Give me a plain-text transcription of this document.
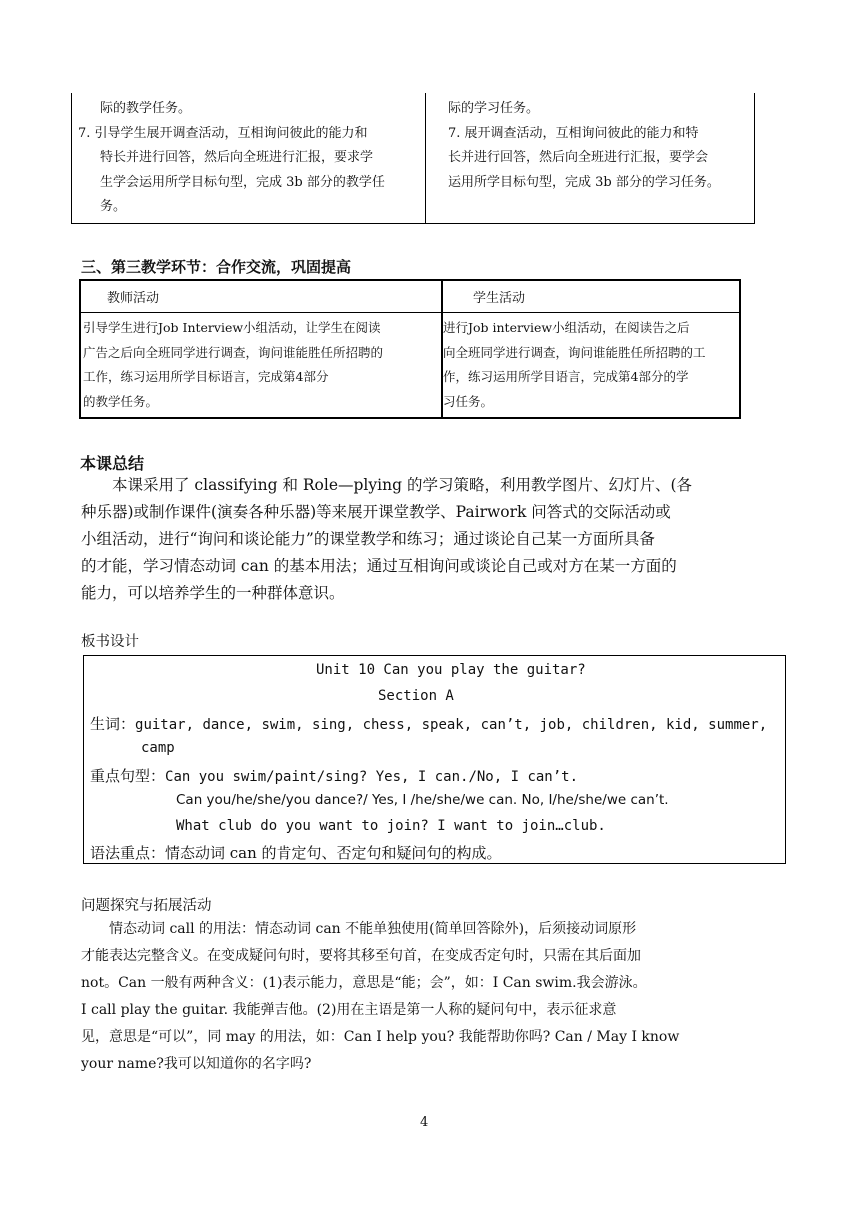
际的教学任务。
7. 引导学生展开调查活动，互相询问彼此的能力和
特长并进行回答，然后向全班进行汇报，要求学
生学会运用所学目标句型，完成 3b 部分的教学任
务。
际的学习任务。
7. 展开调查活动，互相询问彼此的能力和特
长并进行回答，然后向全班进行汇报，要学会
运用所学目标句型，完成 3b 部分的学习任务。
三、第三教学环节：合作交流，巩固提高
教师活动	学生活动
引导学生进行Job Interview小组活动，让学生在阅读
广告之后向全班同学进行调查，询问谁能胜任所招聘的
工作，练习运用所学目标语言，完成第4部分
的教学任务。
进行Job interview小组活动，在阅读告之后
向全班同学进行调查，询问谁能胜任所招聘的工
作，练习运用所学目语言，完成第4部分的学
习任务。
本课总结
　　本课采用了 classifying 和 Role—plying 的学习策略，利用教学图片、幻灯片、(各
种乐器)或制作课件(演奏各种乐器)等来展开课堂教学、Pairwork 问答式的交际活动或
小组活动，进行“询问和谈论能力”的课堂教学和练习；通过谈论自己某一方面所具备
的才能，学习情态动词 can 的基本用法；通过互相询问或谈论自己或对方在某一方面的
能力，可以培养学生的一种群体意识。
板书设计
Unit 10 Can you play the guitar?
Section A
生词：guitar, dance, swim, sing, chess, speak, can’t, job, children, kid, summer,
camp
重点句型：Can you swim/paint/sing? Yes, I can./No, I can’t.
Can you/he/she/you dance?/ Yes, I /he/she/we can. No, I/he/she/we can’t.
What club do you want to join? I want to join…club.
语法重点：情态动词 can 的肯定句、否定句和疑问句的构成。
问题探究与拓展活动
　　情态动词 call 的用法：情态动词 can 不能单独使用(简单回答除外)，后须接动词原形
才能表达完整含义。在变成疑问句时，要将其移至句首，在变成否定句时，只需在其后面加
not。Can 一般有两种含义：(1)表示能力，意思是“能；会”，如：I Can swim.我会游泳。
I call play the guitar. 我能弹吉他。(2)用在主语是第一人称的疑问句中，表示征求意
见，意思是“可以”，同 may 的用法，如：Can I help you? 我能帮助你吗? Can / May I know
your name?我可以知道你的名字吗?
4
